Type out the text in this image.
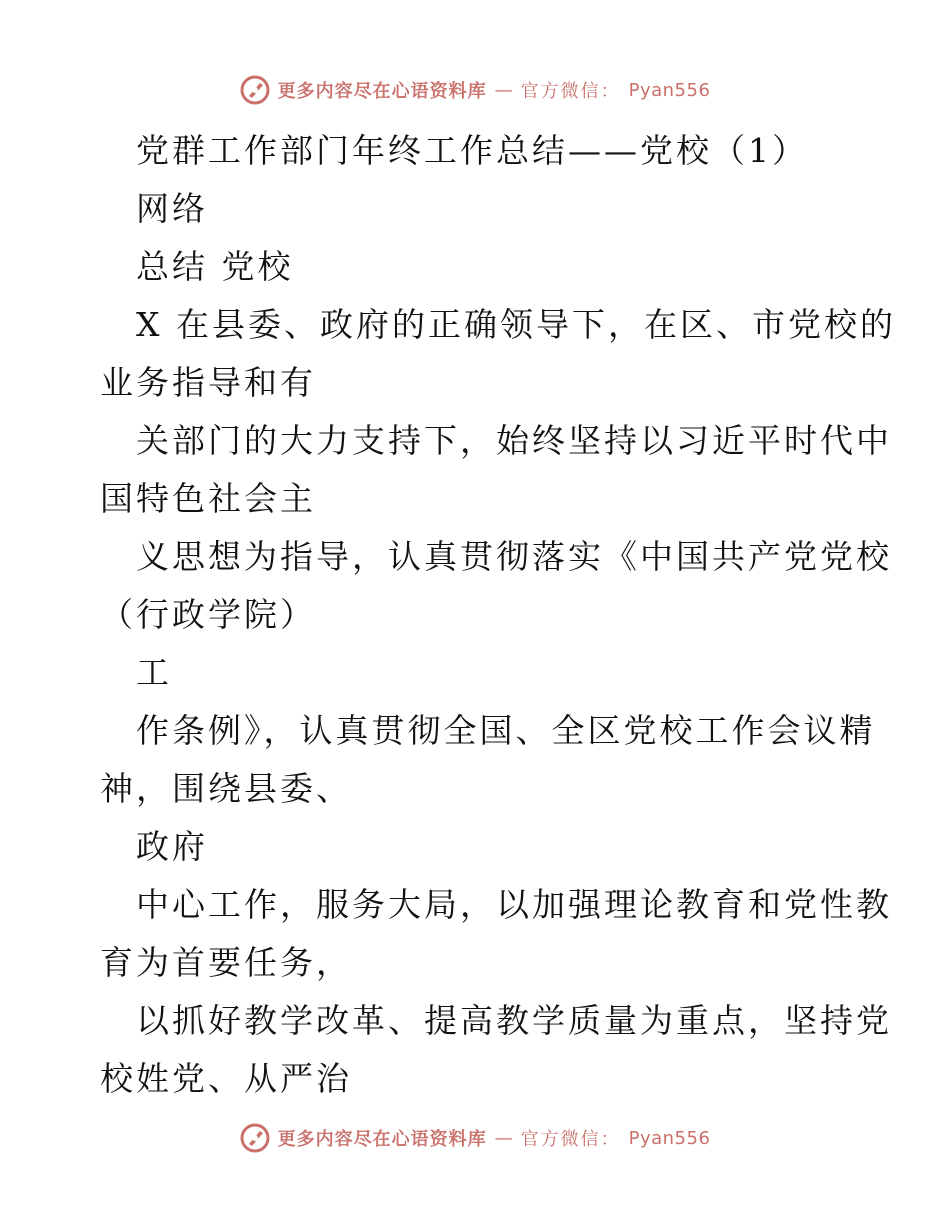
更多内容尽在心语资料库 — 官方微信： Pyan556

党群工作部门年终工作总结——党校（1）

网络

总结 党校

X 在县委、政府的正确领导下，在区、市党校的

业务指导和有

关部门的大力支持下，始终坚持以习近平时代中

国特色社会主

义思想为指导，认真贯彻落实《中国共产党党校

（行政学院）

工

作条例》，认真贯彻全国、全区党校工作会议精

神，围绕县委、

政府

中心工作，服务大局，以加强理论教育和党性教

育为首要任务，

以抓好教学改革、提高教学质量为重点，坚持党

校姓党、从严治

更多内容尽在心语资料库 — 官方微信： Pyan556
